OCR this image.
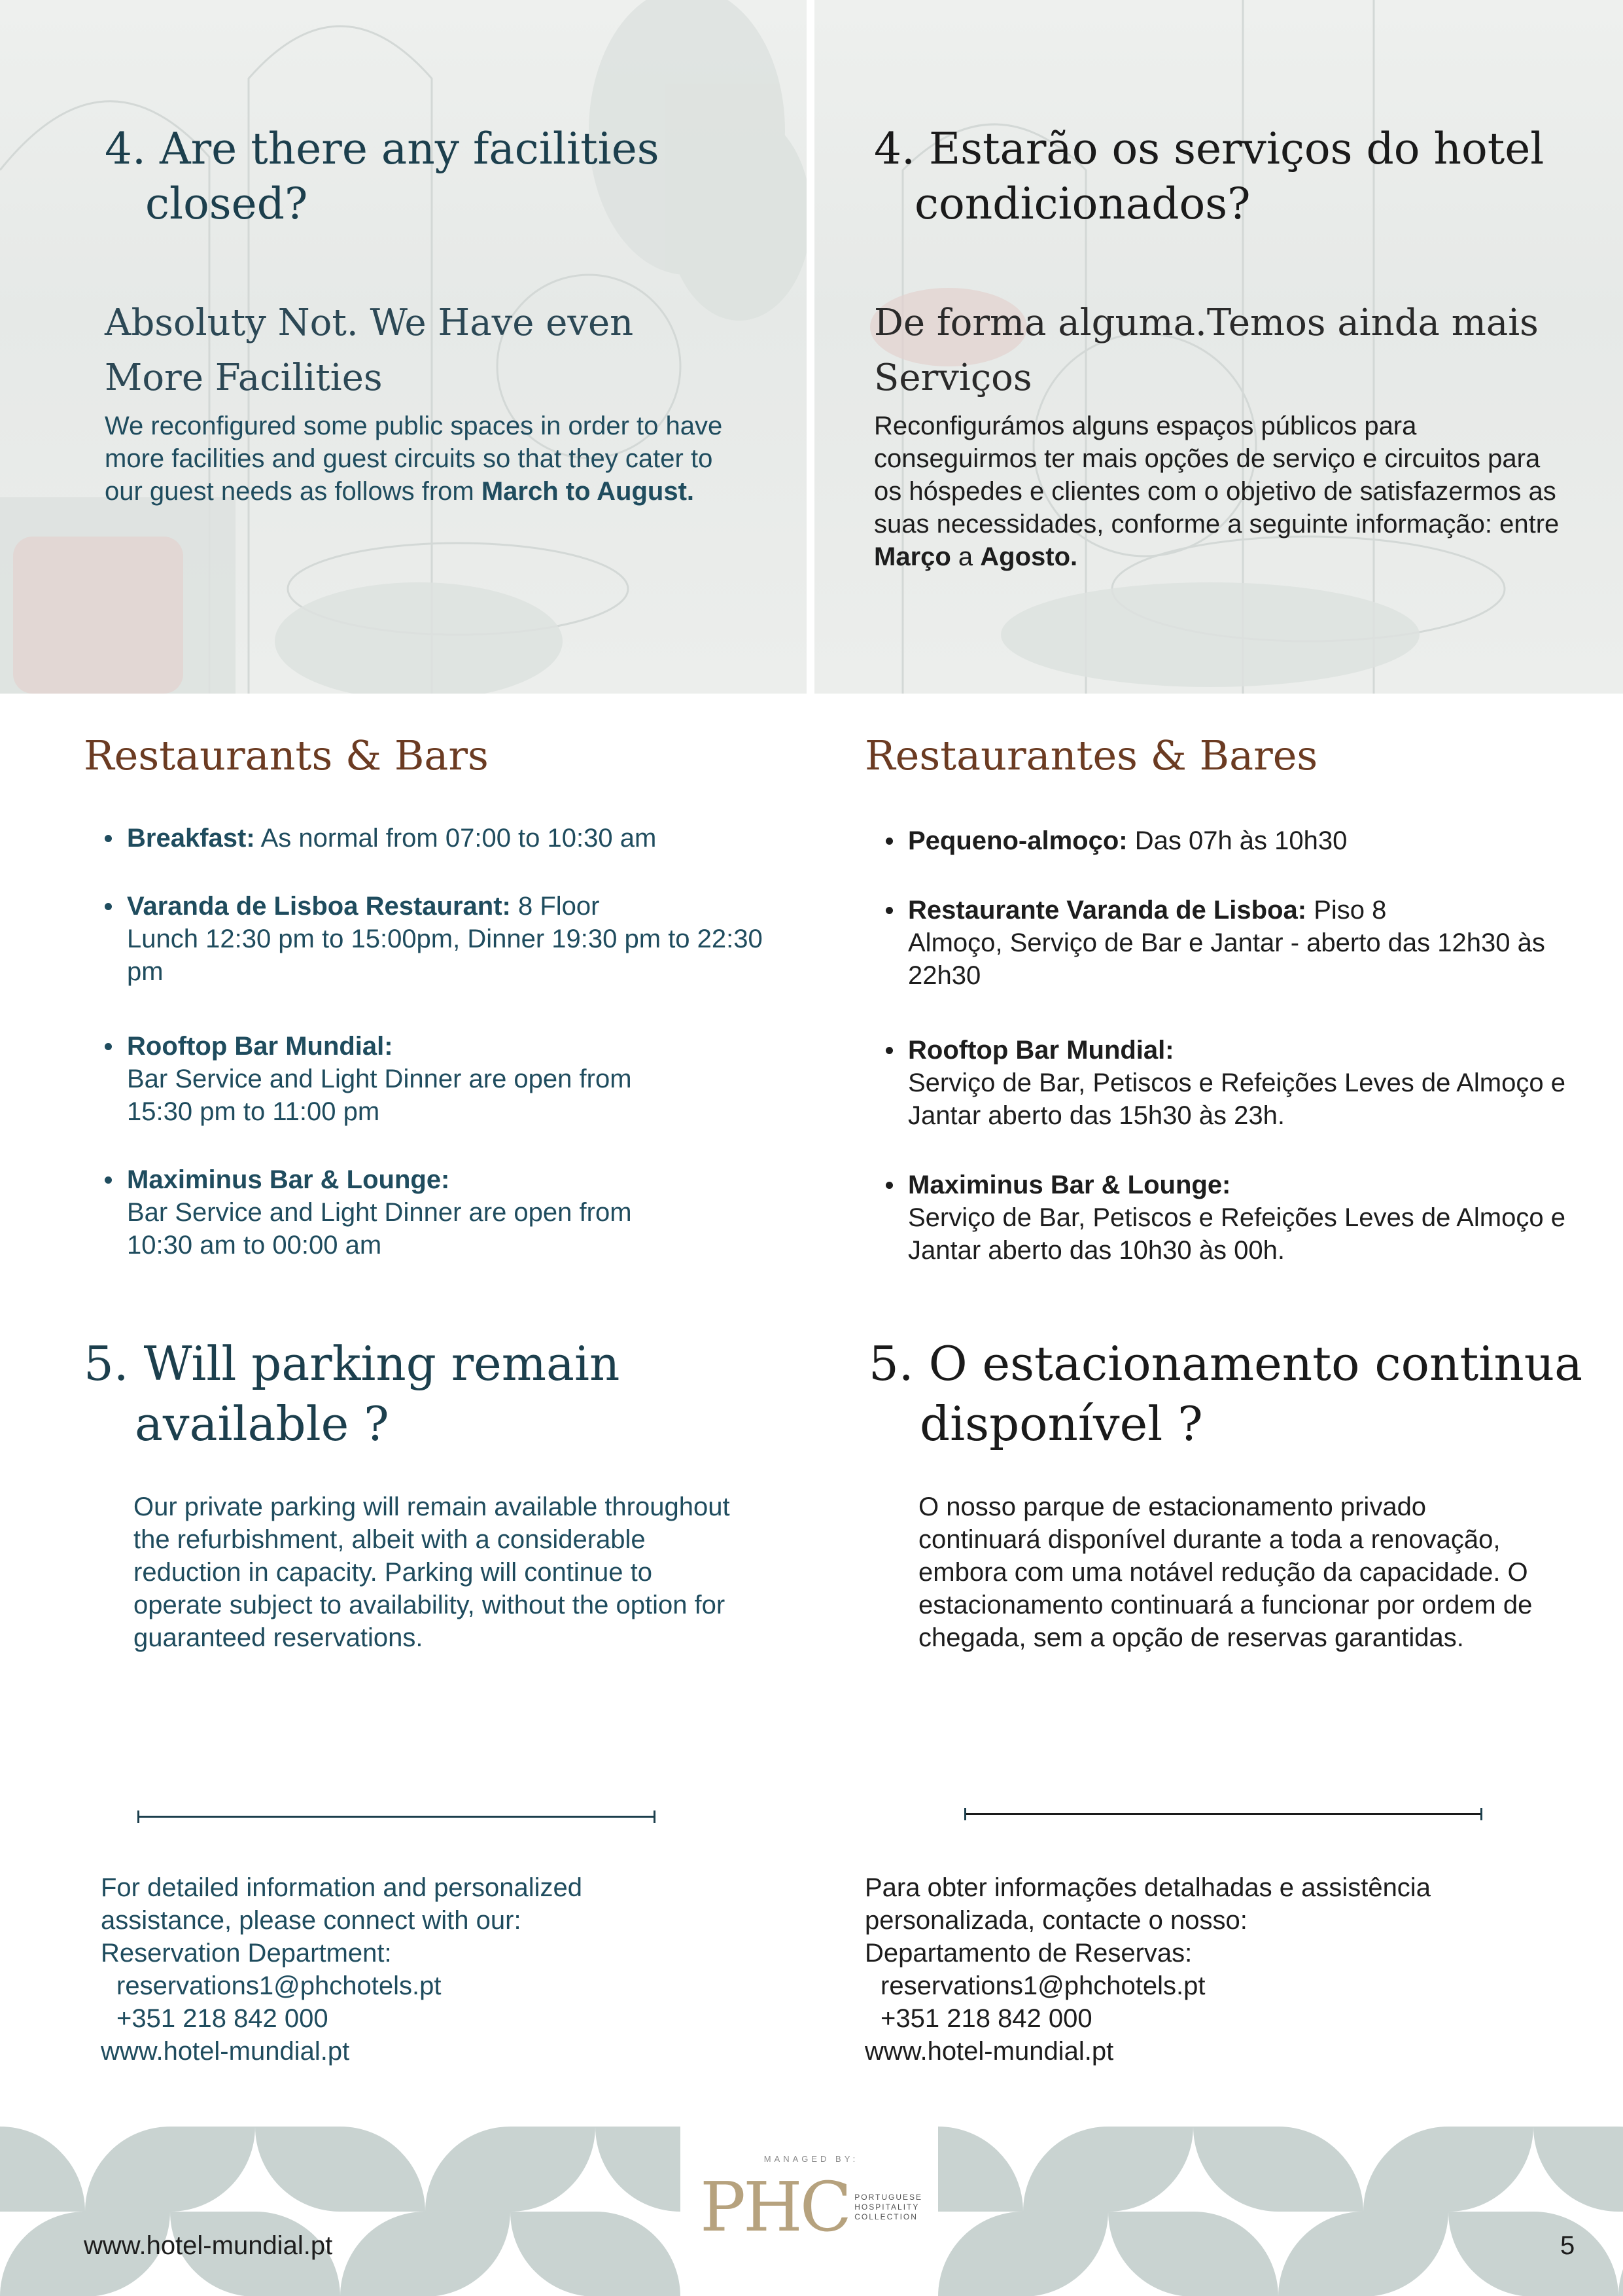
4. Are there any facilities
closed?
Absoluty Not. We Have even
More Facilities

We reconfigured some public spaces in order to have more facilities and guest circuits so that they cater to our guest needs as follows from March to August.

4. Estarão os serviços do hotel
condicionados?
De forma alguma.Temos ainda mais
Serviços

Reconfigurámos alguns espaços públicos para conseguirmos ter mais opções de serviço e circuitos para os hóspedes e clientes com o objetivo de satisfazermos as suas necessidades, conforme a seguinte informação: entre Março a Agosto.

Restaurants & Bars
Breakfast: As normal from 07:00 to 10:30 am
Varanda de Lisboa Restaurant: 8 Floor
Lunch 12:30 pm to 15:00pm, Dinner 19:30 pm to 22:30 pm
Rooftop Bar Mundial:
Bar Service and Light Dinner are open from 15:30 pm to 11:00 pm
Maximinus Bar & Lounge:
Bar Service and Light Dinner are open from 10:30 am to 00:00 am
Restaurantes & Bares
Pequeno-almoço: Das 07h às 10h30
Restaurante Varanda de Lisboa: Piso 8
Almoço, Serviço de Bar e Jantar - aberto das 12h30 às 22h30
Rooftop Bar Mundial:
Serviço de Bar, Petiscos e Refeições Leves de Almoço e Jantar aberto das 15h30 às 23h.
Maximinus Bar & Lounge:
Serviço de Bar, Petiscos e Refeições Leves de Almoço e Jantar aberto das 10h30 às 00h.
5. Will parking remain
available ?

Our private parking will remain available throughout the refurbishment, albeit with a considerable reduction in capacity. Parking will continue to operate subject to availability, without the option for guaranteed reservations.

5. O estacionamento continua
disponível ?

O nosso parque de estacionamento privado continuará disponível durante a toda a renovação, embora com uma notável redução da capacidade. O estacionamento continuará a funcionar por ordem de chegada, sem a opção de reservas garantidas.

For detailed information and personalized
assistance, please connect with our:
Reservation Department:
reservations1@phchotels.pt
+351 218 842 000
www.hotel-mundial.pt
Para obter informações detalhadas e assistência
personalizada, contacte o nosso:
Departamento de Reservas:
reservations1@phchotels.pt
+351 218 842 000
www.hotel-mundial.pt
MANAGED BY:
PHC PORTUGUESE
HOSPITALITY
COLLECTION
www.hotel-mundial.pt	5
